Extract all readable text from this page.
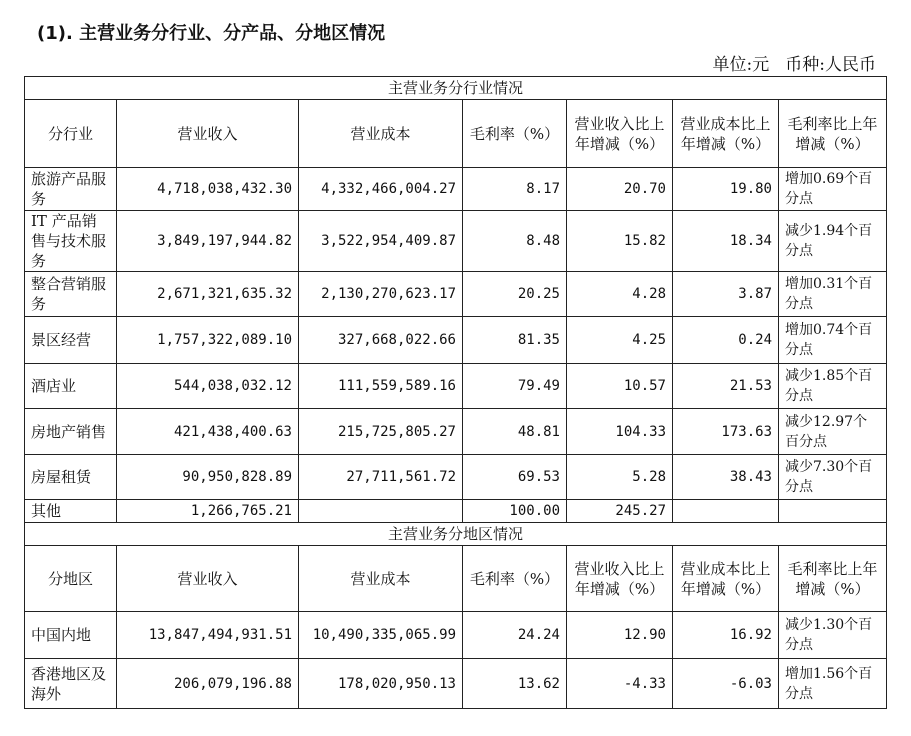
(1). 主营业务分行业、分产品、分地区情况
单位:元 币种:人民币
主营业务分行业情况						
分行业	营业收入	营业成本	毛利率（%）	营业收入比上年增减（%）	营业成本比上年增减（%）	毛利率比上年增减（%）
旅游产品服务	4,718,038,432.30	4,332,466,004.27	8.17	20.70	19.80	增加0.69个百分点
IT 产品销售与技术服务	3,849,197,944.82	3,522,954,409.87	8.48	15.82	18.34	减少1.94个百分点
整合营销服务	2,671,321,635.32	2,130,270,623.17	20.25	4.28	3.87	增加0.31个百分点
景区经营	1,757,322,089.10	327,668,022.66	81.35	4.25	0.24	增加0.74个百分点
酒店业	544,038,032.12	111,559,589.16	79.49	10.57	21.53	减少1.85个百分点
房地产销售	421,438,400.63	215,725,805.27	48.81	104.33	173.63	减少12.97个百分点
房屋租赁	90,950,828.89	27,711,561.72	69.53	5.28	38.43	减少7.30个百分点
其他	1,266,765.21		100.00	245.27		
主营业务分地区情况						
分地区	营业收入	营业成本	毛利率（%）	营业收入比上年增减（%）	营业成本比上年增减（%）	毛利率比上年增减（%）
中国内地	13,847,494,931.51	10,490,335,065.99	24.24	12.90	16.92	减少1.30个百分点
香港地区及海外	206,079,196.88	178,020,950.13	13.62	-4.33	-6.03	增加1.56个百分点
